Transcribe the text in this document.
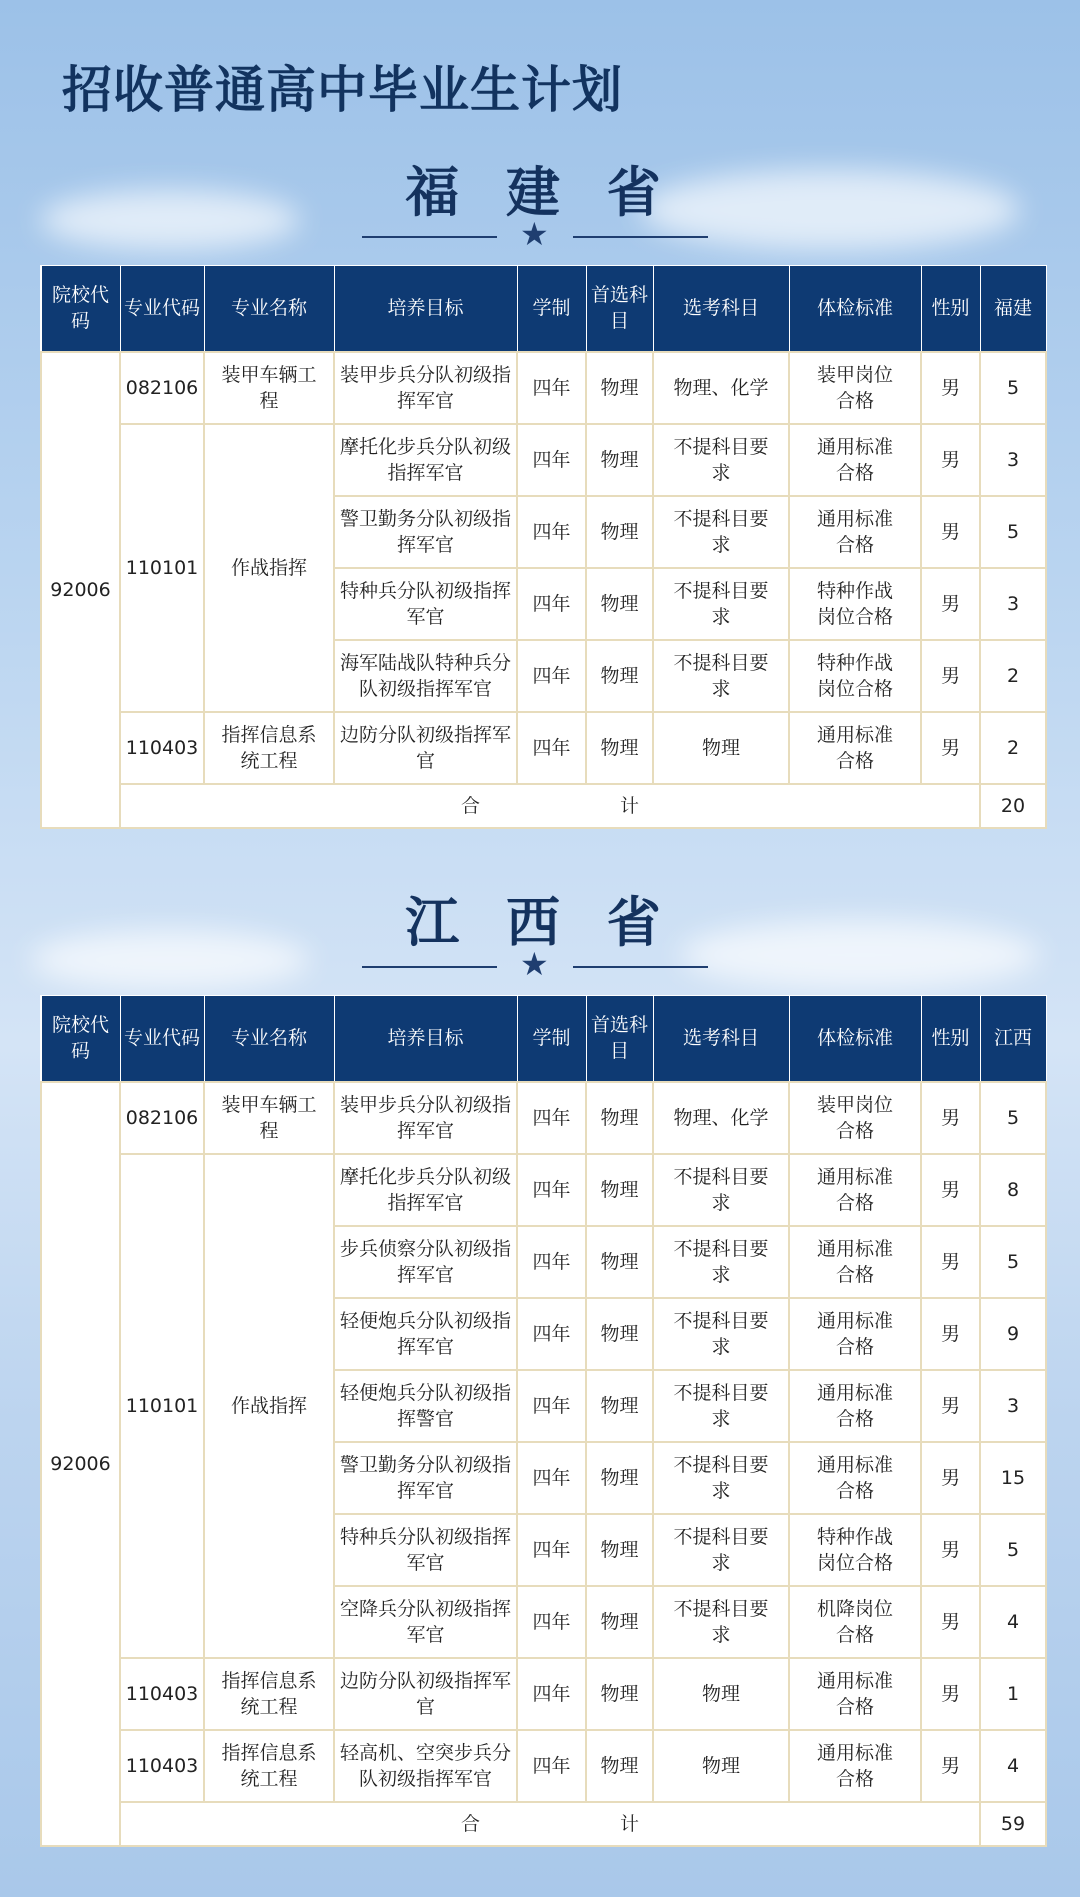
招收普通高中毕业生计划
福 建 省
★
院校代码	专业代码	专业名称	培养目标	学制	首选科目	选考科目	体检标准	性别	福建
92006	082106	装甲车辆工程	装甲步兵分队初级指挥军官	四年	物理	物理、化学	装甲岗位合格	男	5
	110101	作战指挥	摩托化步兵分队初级指挥军官	四年	物理	不提科目要求	通用标准合格	男	3
			警卫勤务分队初级指挥军官	四年	物理	不提科目要求	通用标准合格	男	5
			特种兵分队初级指挥军官	四年	物理	不提科目要求	特种作战岗位合格	男	3
			海军陆战队特种兵分队初级指挥军官	四年	物理	不提科目要求	特种作战岗位合格	男	2
	110403	指挥信息系统工程	边防分队初级指挥军官	四年	物理	物理	通用标准合格	男	2
	合 计								20
江 西 省
★
院校代码	专业代码	专业名称	培养目标	学制	首选科目	选考科目	体检标准	性别	江西
92006	082106	装甲车辆工程	装甲步兵分队初级指挥军官	四年	物理	物理、化学	装甲岗位合格	男	5
	110101	作战指挥	摩托化步兵分队初级指挥军官	四年	物理	不提科目要求	通用标准合格	男	8
			步兵侦察分队初级指挥军官	四年	物理	不提科目要求	通用标准合格	男	5
			轻便炮兵分队初级指挥军官	四年	物理	不提科目要求	通用标准合格	男	9
			轻便炮兵分队初级指挥警官	四年	物理	不提科目要求	通用标准合格	男	3
			警卫勤务分队初级指挥军官	四年	物理	不提科目要求	通用标准合格	男	15
			特种兵分队初级指挥军官	四年	物理	不提科目要求	特种作战岗位合格	男	5
			空降兵分队初级指挥军官	四年	物理	不提科目要求	机降岗位合格	男	4
	110403	指挥信息系统工程	边防分队初级指挥军官	四年	物理	物理	通用标准合格	男	1
	110403	指挥信息系统工程	轻高机、空突步兵分队初级指挥军官	四年	物理	物理	通用标准合格	男	4
	合 计								59
